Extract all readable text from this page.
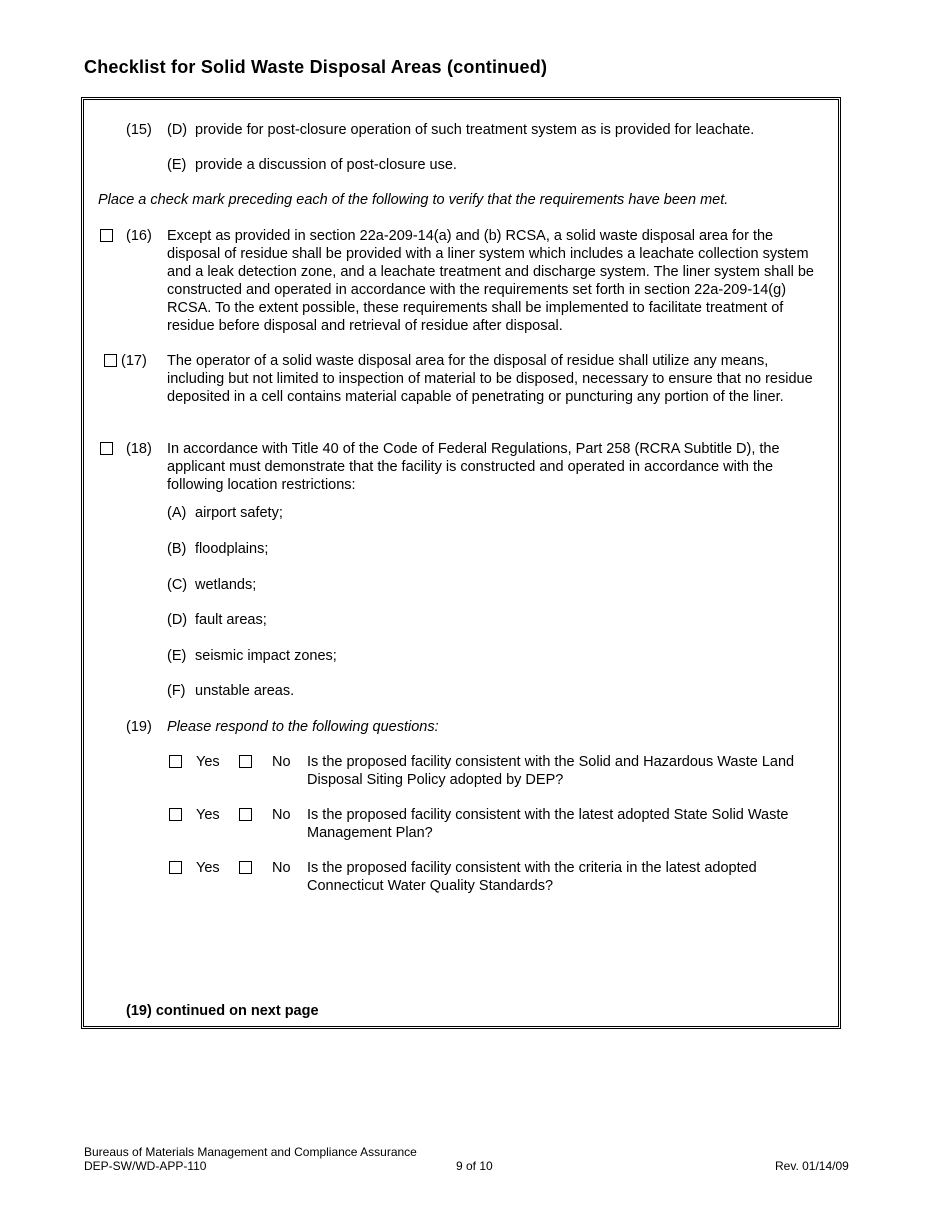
Checklist for Solid Waste Disposal Areas (continued)
(15)	(D) provide for post-closure operation of such treatment system as is provided for leachate.
(E) provide a discussion of post-closure use.
Place a check mark preceding each of the following to verify that the requirements have been met.
(16)	Except as provided in section 22a-209-14(a) and (b) RCSA, a solid waste disposal area for the disposal of residue shall be provided with a liner system which includes a leachate collection system and a leak detection zone, and a leachate treatment and discharge system. The liner system shall be constructed and operated in accordance with the requirements set forth in section 22a-209-14(g) RCSA. To the extent possible, these requirements shall be implemented to facilitate treatment of residue before disposal and retrieval of residue after disposal.
(17)	The operator of a solid waste disposal area for the disposal of residue shall utilize any means, including but not limited to inspection of material to be disposed, necessary to ensure that no residue deposited in a cell contains material capable of penetrating or puncturing any portion of the liner.
(18)	In accordance with Title 40 of the Code of Federal Regulations, Part 258 (RCRA Subtitle D), the applicant must demonstrate that the facility is constructed and operated in accordance with the following location restrictions:
(A) airport safety;
(B) floodplains;
(C) wetlands;
(D) fault areas;
(E) seismic impact zones;
(F) unstable areas.
(19)	Please respond to the following questions:
Yes	No Is the proposed facility consistent with the Solid and Hazardous Waste Land Disposal Siting Policy adopted by DEP?
Yes	No Is the proposed facility consistent with the latest adopted State Solid Waste Management Plan?
Yes	No Is the proposed facility consistent with the criteria in the latest adopted Connecticut Water Quality Standards?
(19) continued on next page
Bureaus of Materials Management and Compliance Assurance
DEP-SW/WD-APP-110	9 of 10	Rev. 01/14/09
